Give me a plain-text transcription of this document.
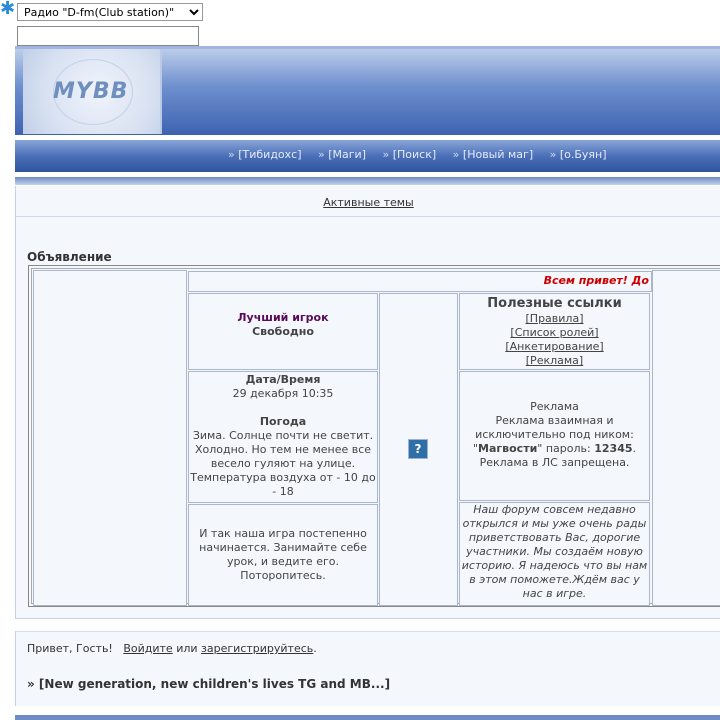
✱
Радио "D-fm(Club station)"
MYBB
» [Тибидохс] » [Маги] » [Поиск] » [Новый маг] » [о.Буян]
Активные темы
Объявление
Всем привет! До
Лучший игрок
Свободно
Дата/Время
29 декабря 10:35
Погода
Зима. Солнце почти не светит. Холодно. Но тем не менее все весело гуляют на улице. Температура воздуха от - 10 до - 18
И так наша игра постепенно начинается. Занимайте себе урок, и ведите его. Поторопитесь.
?
Полезные ссылки
[Правила]
[Список ролей]
[Анкетирование]
[Реклама]
Реклама
Реклама взаимная и исключительно под ником:
"Магвости" пароль: 12345.
Реклама в ЛС запрещена.
Наш форум совсем недавно открылся и мы уже очень рады приветствовать Вас, дорогие участники. Мы создаём новую историю. Я надеюсь что вы нам в этом поможете.Ждём вас у нас в игре.
Привет, Гость! Войдите или зарегистрируйтесь.
» [New generation, new children's lives TG and MB...]
